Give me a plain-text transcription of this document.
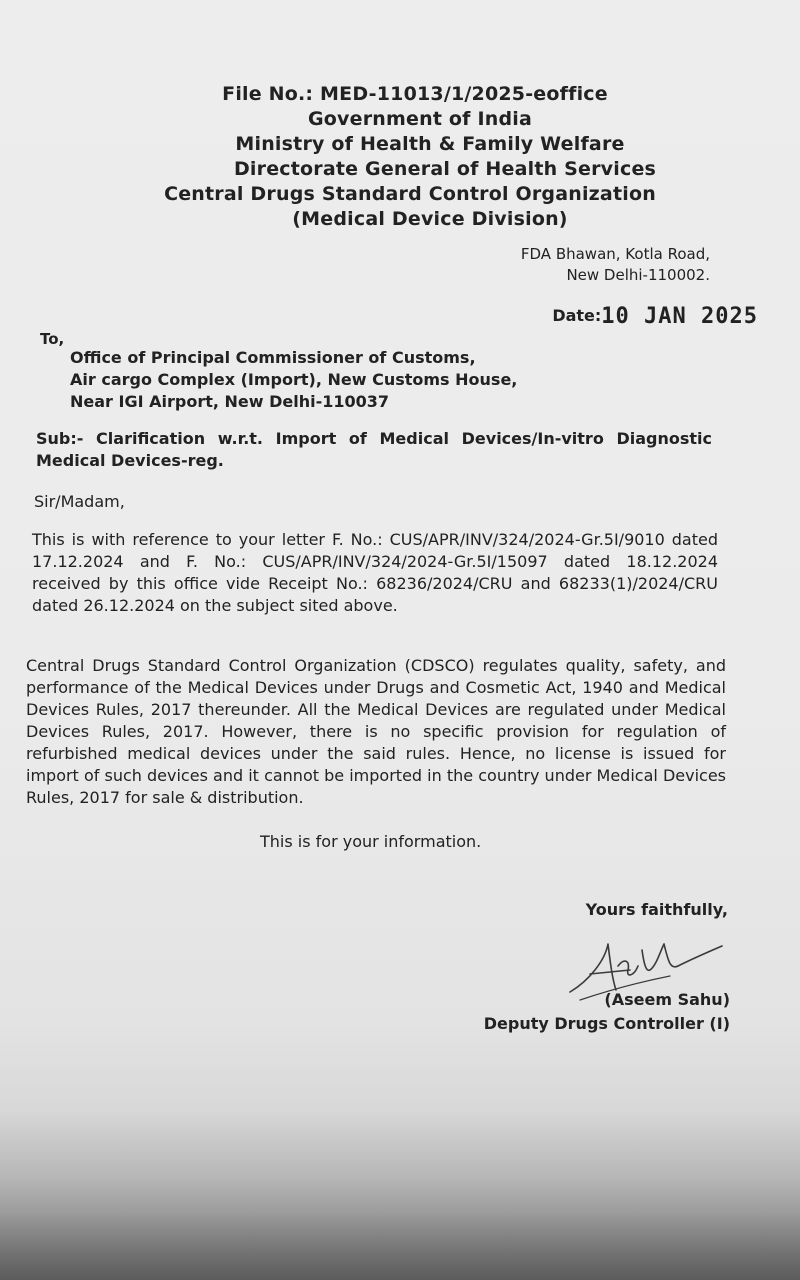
File No.: MED-11013/1/2025-eoffice
Government of India
Ministry of Health & Family Welfare
Directorate General of Health Services
Central Drugs Standard Control Organization
(Medical Device Division)
FDA Bhawan, Kotla Road,
New Delhi-110002.
Date:10 JAN 2025
To,
Office of Principal Commissioner of Customs,
Air cargo Complex (Import), New Customs House,
Near IGI Airport, New Delhi-110037
Sub:- Clarification w.r.t. Import of Medical Devices/In-vitro Diagnostic Medical Devices-reg.
Sir/Madam,
This is with reference to your letter F. No.: CUS/APR/INV/324/2024-Gr.5I/9010 dated 17.12.2024 and F. No.: CUS/APR/INV/324/2024-Gr.5I/15097 dated 18.12.2024 received by this office vide Receipt No.: 68236/2024/CRU and 68233(1)/2024/CRU dated 26.12.2024 on the subject sited above.
Central Drugs Standard Control Organization (CDSCO) regulates quality, safety, and performance of the Medical Devices under Drugs and Cosmetic Act, 1940 and Medical Devices Rules, 2017 thereunder. All the Medical Devices are regulated under Medical Devices Rules, 2017. However, there is no specific provision for regulation of refurbished medical devices under the said rules. Hence, no license is issued for import of such devices and it cannot be imported in the country under Medical Devices Rules, 2017 for sale & distribution.
This is for your information.
Yours faithfully,
(Aseem Sahu)
Deputy Drugs Controller (I)
